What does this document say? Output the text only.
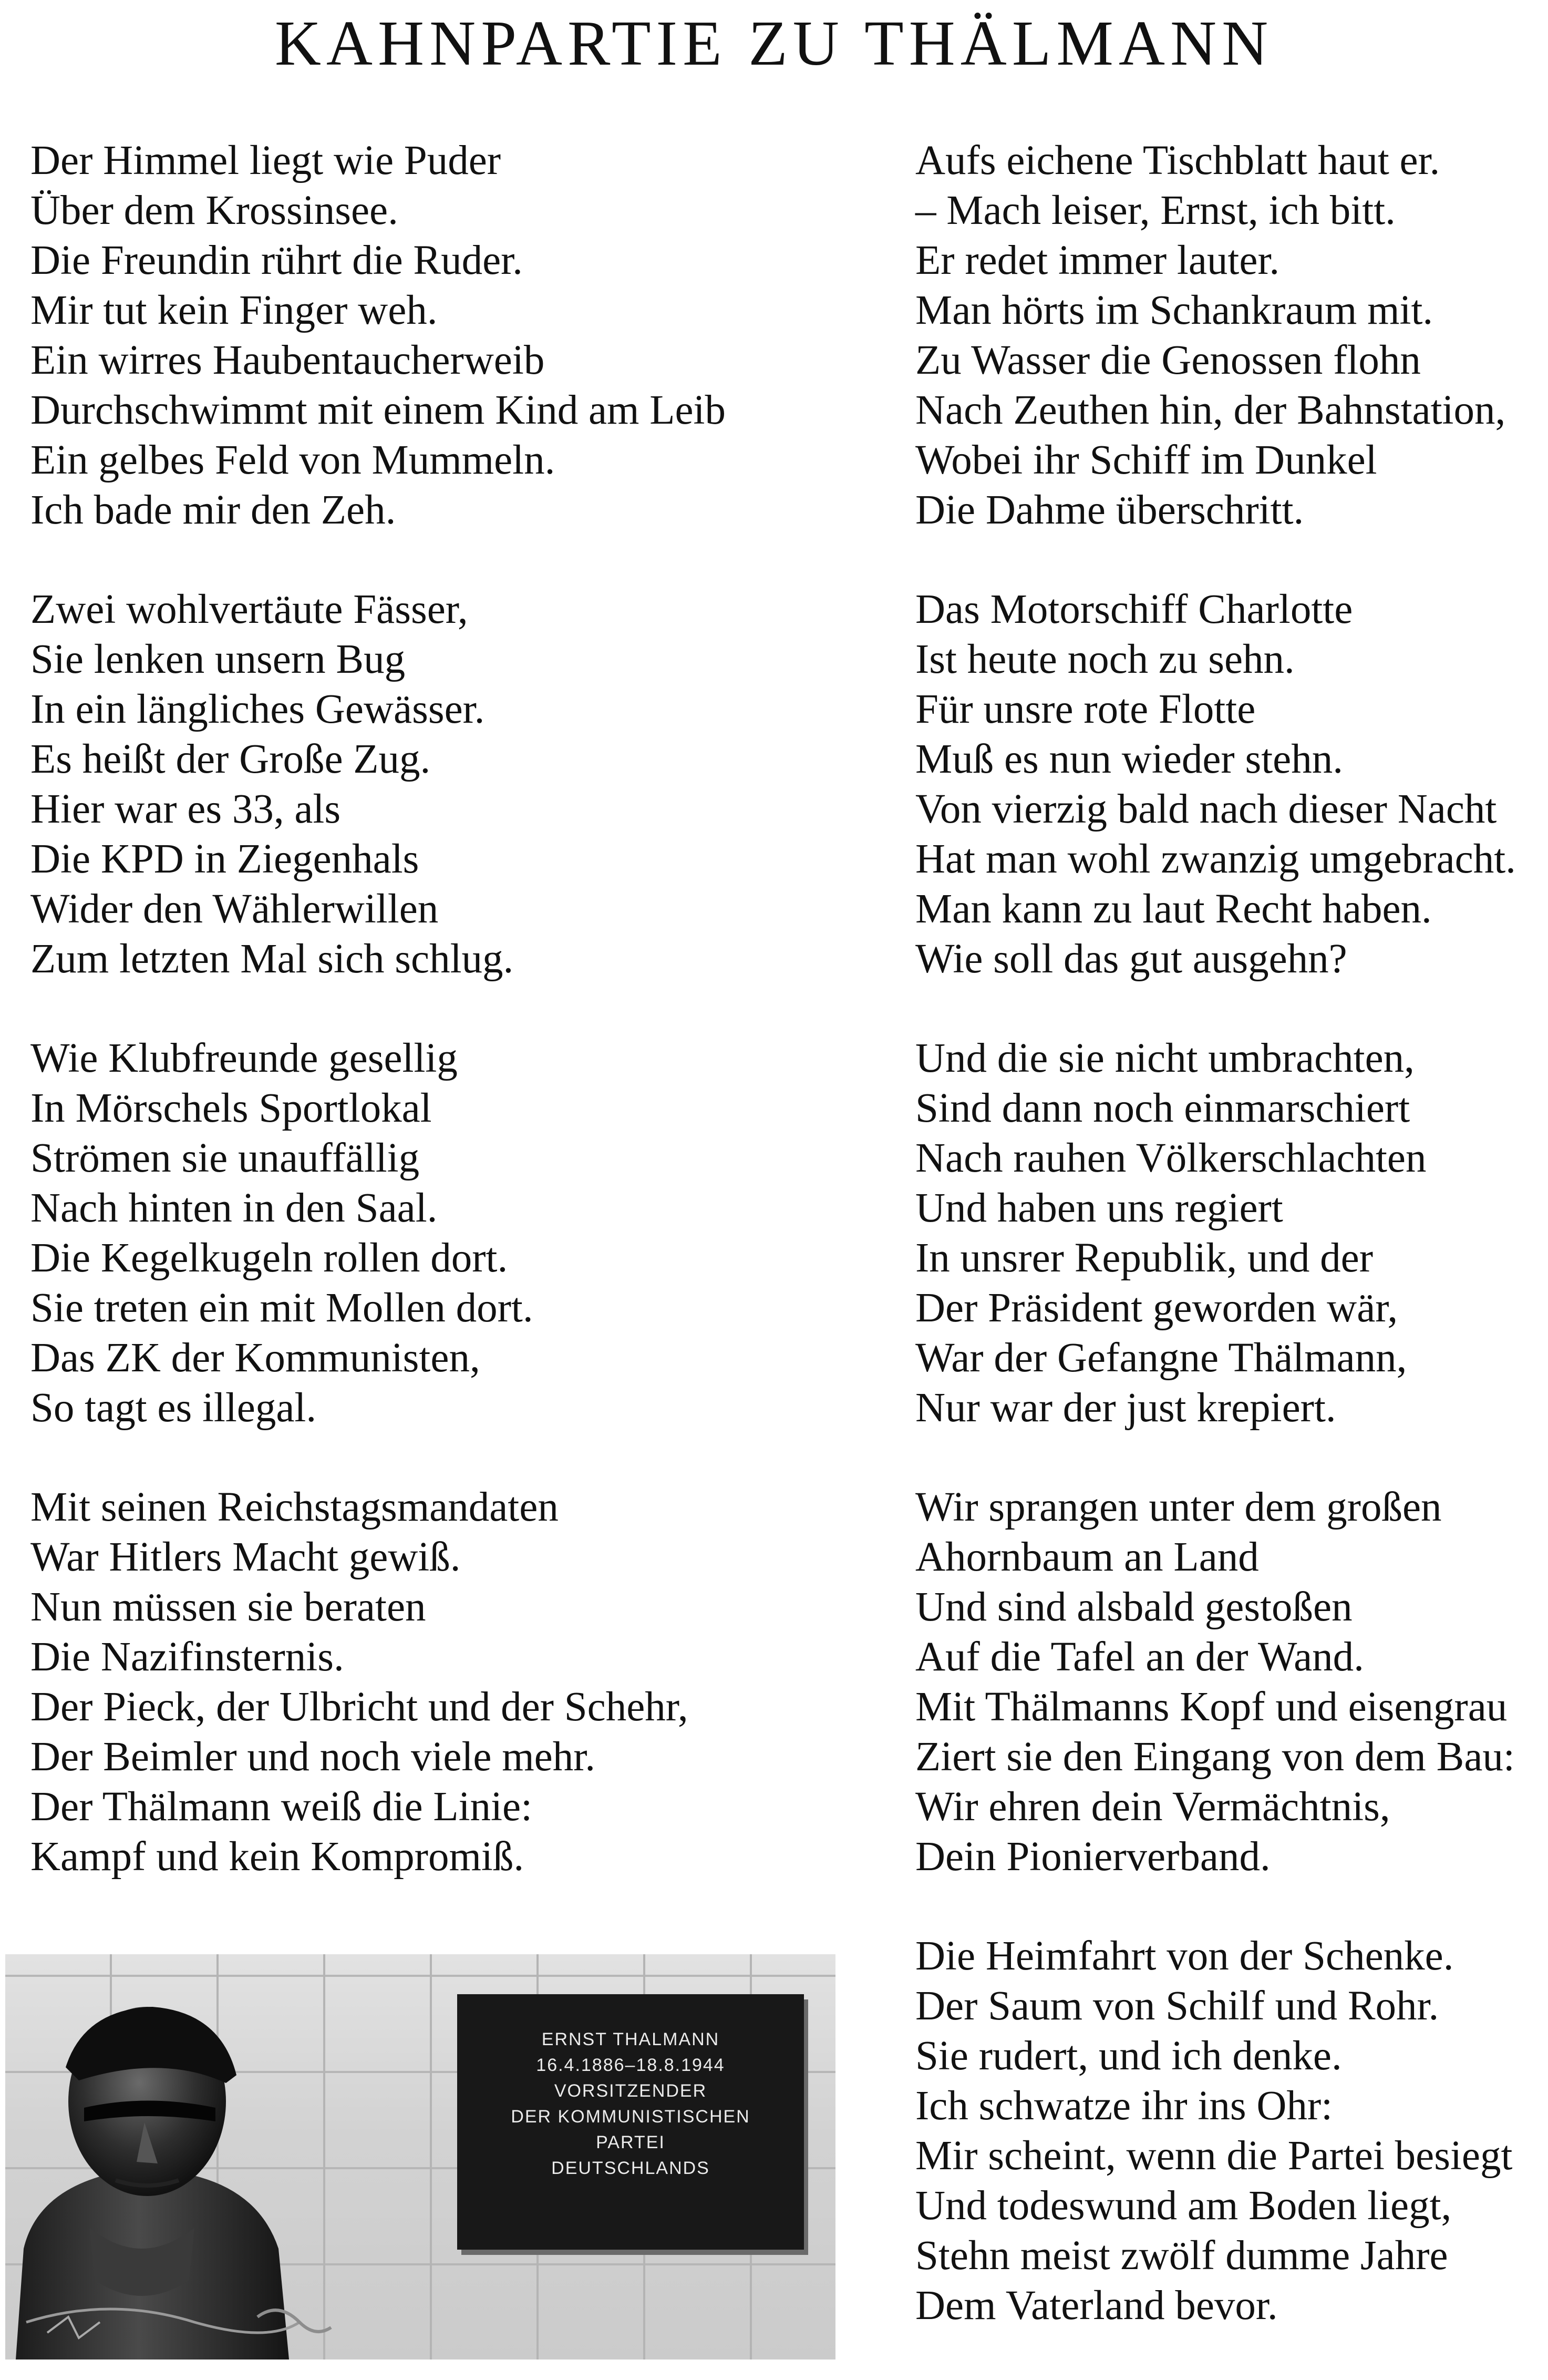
KAHNPARTIE ZU THÄLMANN
Der Himmel liegt wie Puder
Über dem Krossinsee.
Die Freundin rührt die Ruder.
Mir tut kein Finger weh.
Ein wirres Haubentaucherweib
Durchschwimmt mit einem Kind am Leib
Ein gelbes Feld von Mummeln.
Ich bade mir den Zeh.
Zwei wohlvertäute Fässer,
Sie lenken unsern Bug
In ein längliches Gewässer.
Es heißt der Große Zug.
Hier war es 33, als
Die KPD in Ziegenhals
Wider den Wählerwillen
Zum letzten Mal sich schlug.
Wie Klubfreunde gesellig
In Mörschels Sportlokal
Strömen sie unauffällig
Nach hinten in den Saal.
Die Kegelkugeln rollen dort.
Sie treten ein mit Mollen dort.
Das ZK der Kommunisten,
So tagt es illegal.
Mit seinen Reichstagsmandaten
War Hitlers Macht gewiß.
Nun müssen sie beraten
Die Nazifinsternis.
Der Pieck, der Ulbricht und der Schehr,
Der Beimler und noch viele mehr.
Der Thälmann weiß die Linie:
Kampf und kein Kompromiß.
Aufs eichene Tischblatt haut er.
– Mach leiser, Ernst, ich bitt.
Er redet immer lauter.
Man hörts im Schankraum mit.
Zu Wasser die Genossen flohn
Nach Zeuthen hin, der Bahnstation,
Wobei ihr Schiff im Dunkel
Die Dahme überschritt.
Das Motorschiff Charlotte
Ist heute noch zu sehn.
Für unsre rote Flotte
Muß es nun wieder stehn.
Von vierzig bald nach dieser Nacht
Hat man wohl zwanzig umgebracht.
Man kann zu laut Recht haben.
Wie soll das gut ausgehn?
Und die sie nicht umbrachten,
Sind dann noch einmarschiert
Nach rauhen Völkerschlachten
Und haben uns regiert
In unsrer Republik, und der
Der Präsident geworden wär,
War der Gefangne Thälmann,
Nur war der just krepiert.
Wir sprangen unter dem großen
Ahornbaum an Land
Und sind alsbald gestoßen
Auf die Tafel an der Wand.
Mit Thälmanns Kopf und eisengrau
Ziert sie den Eingang von dem Bau:
Wir ehren dein Vermächtnis,
Dein Pionierverband.
Die Heimfahrt von der Schenke.
Der Saum von Schilf und Rohr.
Sie rudert, und ich denke.
Ich schwatze ihr ins Ohr:
Mir scheint, wenn die Partei besiegt
Und todeswund am Boden liegt,
Stehn meist zwölf dumme Jahre
Dem Vaterland bevor.
ERNST THALMANN
16.4.1886–18.8.1944
VORSITZENDER
DER KOMMUNISTISCHEN
PARTEI
DEUTSCHLANDS
